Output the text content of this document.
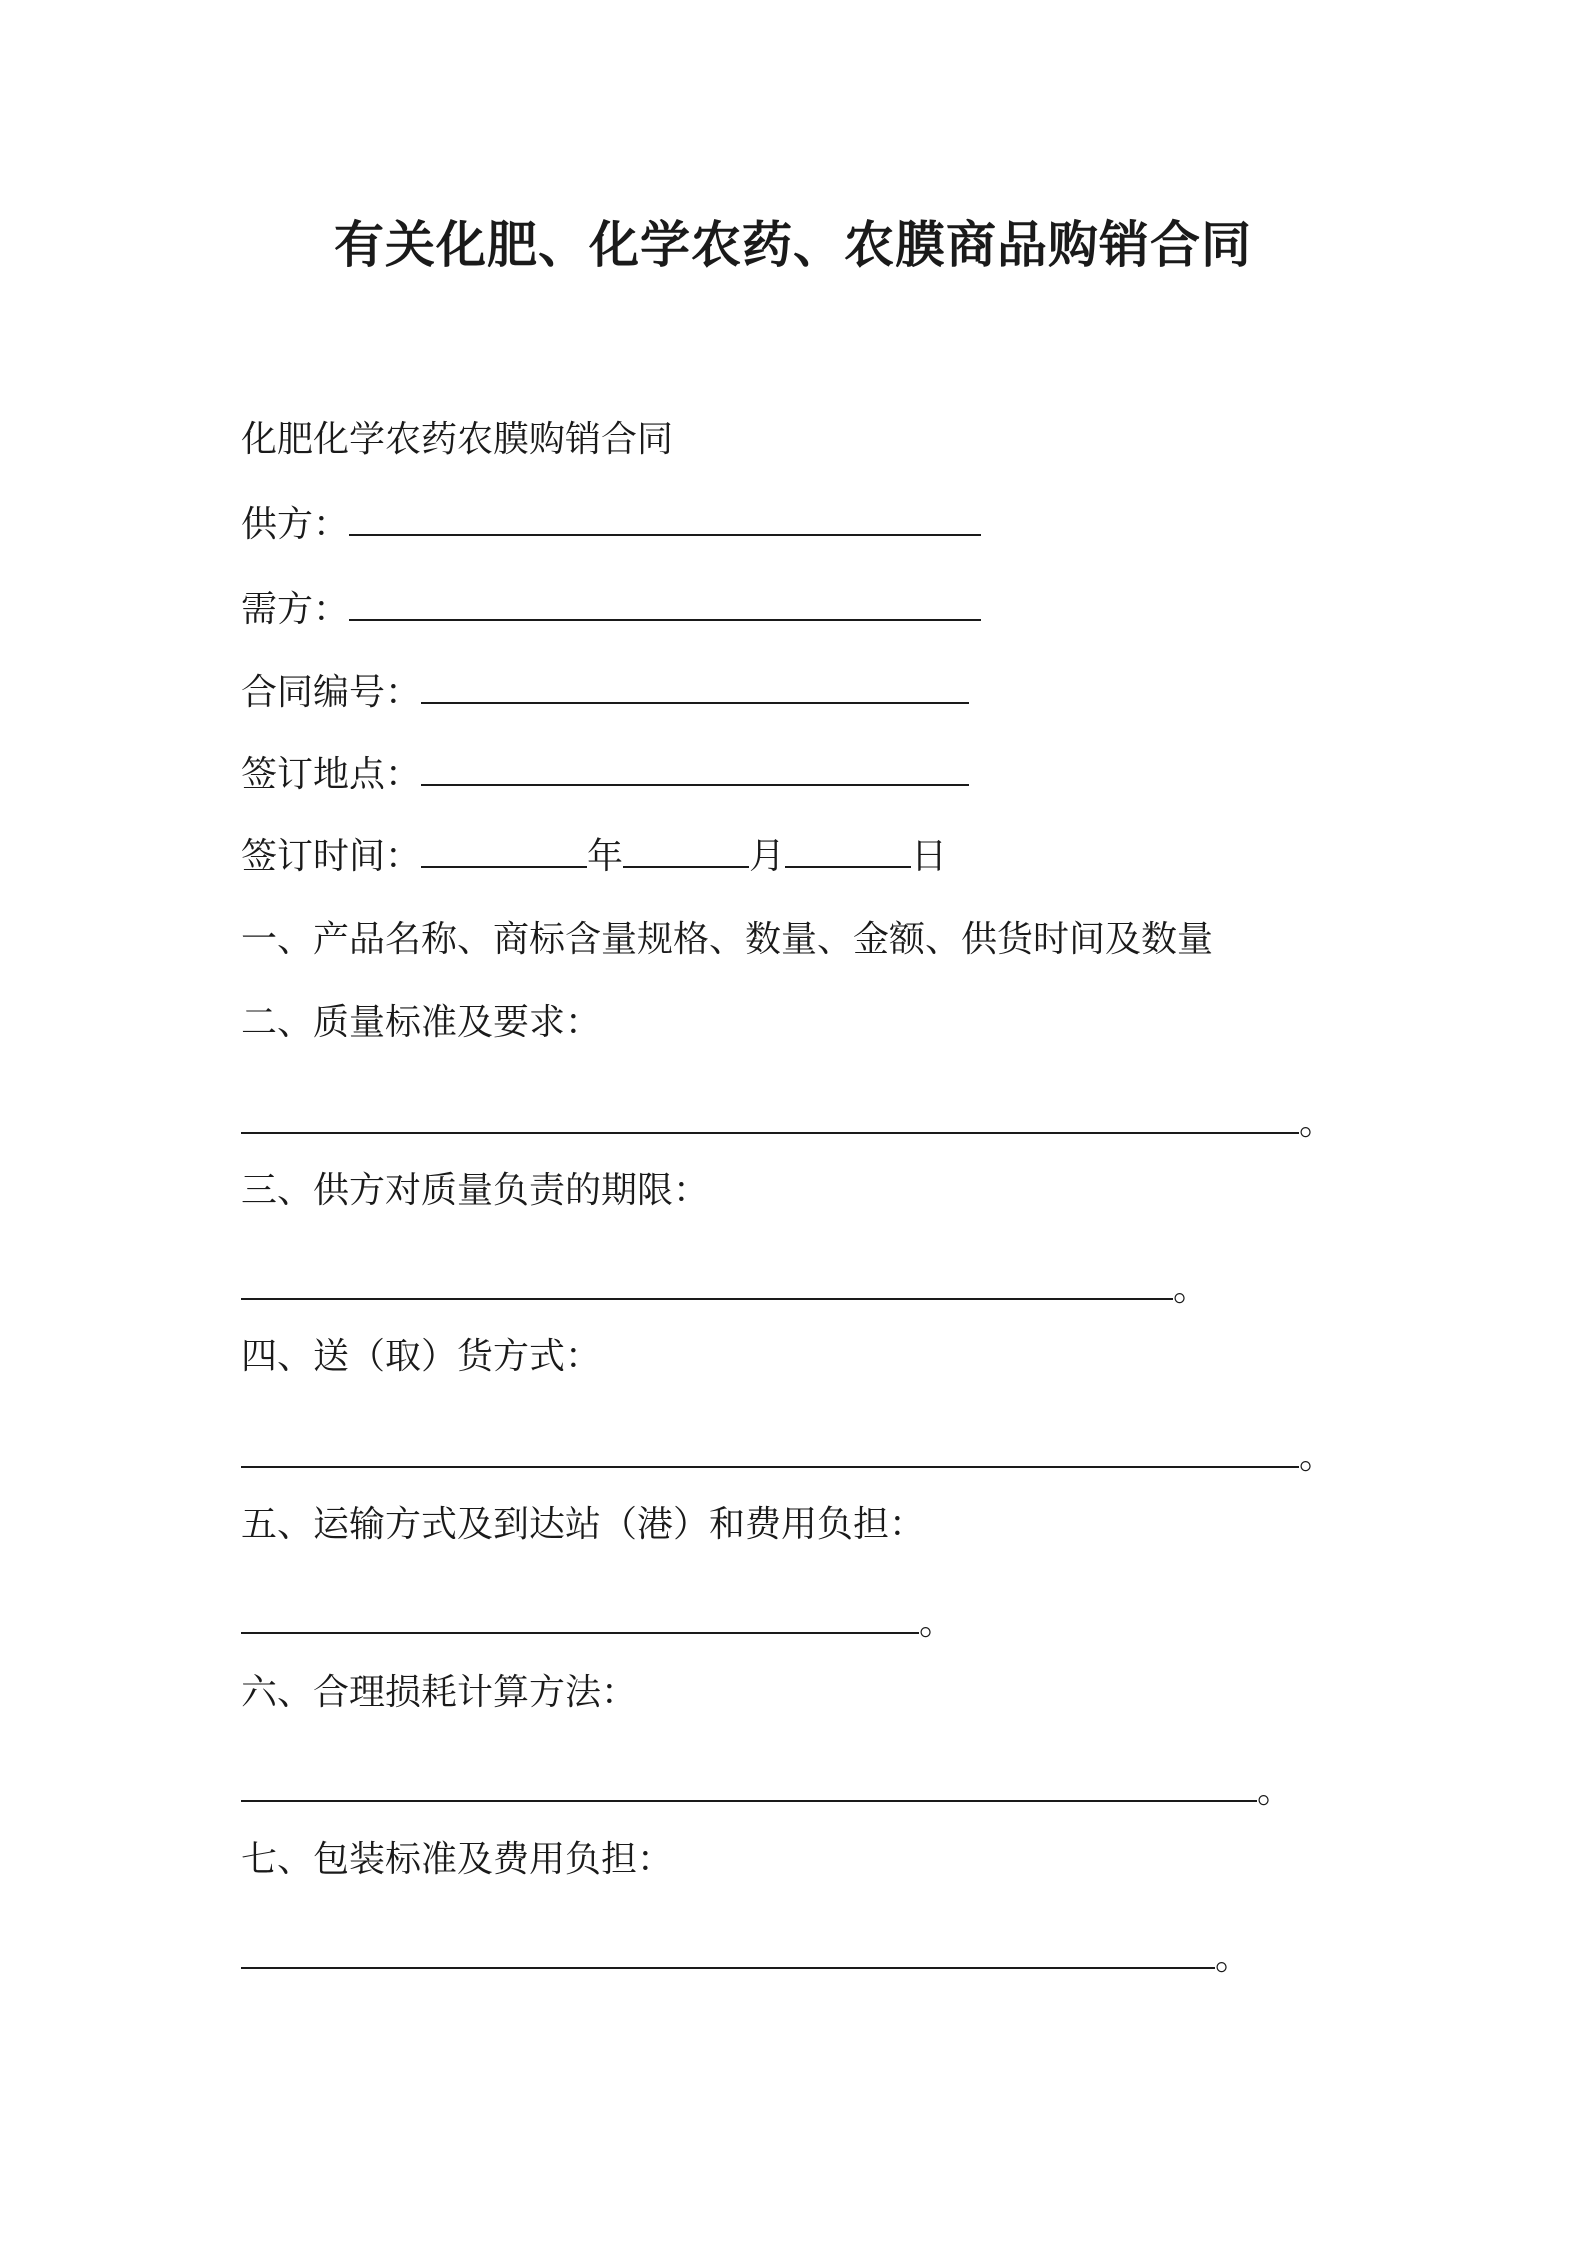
有关化肥、化学农药、农膜商品购销合同
化肥化学农药农膜购销合同
供方：
需方：
合同编号：
签订地点：
签订时间：	年	月	日
一、产品名称、商标含量规格、数量、金额、供货时间及数量
二、质量标准及要求：
。
三、供方对质量负责的期限：
。
四、送（取）货方式：
。
五、运输方式及到达站（港）和费用负担：
。
六、合理损耗计算方法：
。
七、包装标准及费用负担：
。
